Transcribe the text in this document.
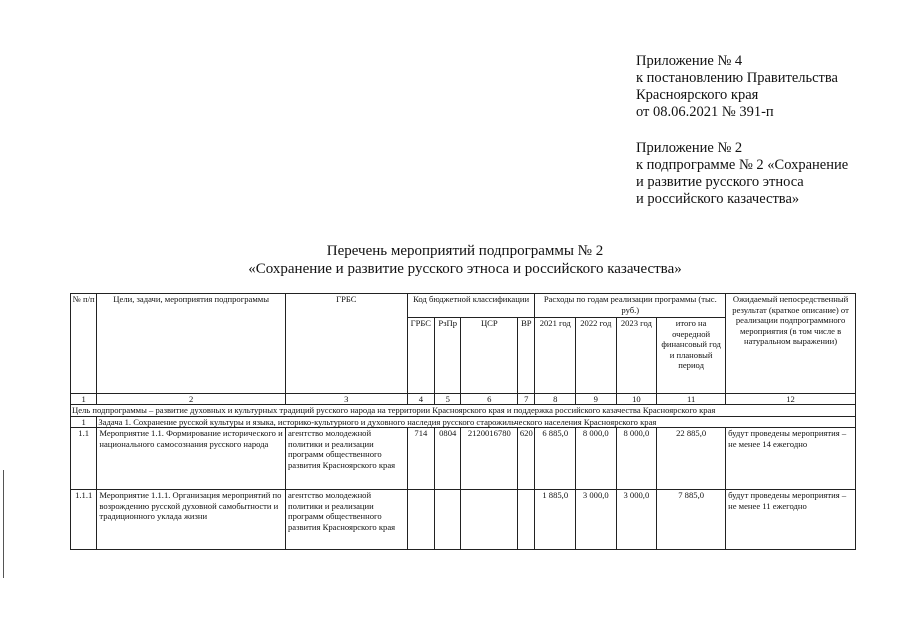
Приложение № 4
к постановлению Правительства
Красноярского края
от 08.06.2021 № 391-п
Приложение № 2
к подпрограмме № 2 «Сохранение
и развитие русского этноса
и российского казачества»
Перечень мероприятий подпрограммы № 2
«Сохранение и развитие русского этноса и российского казачества»
№ п/п	Цели, задачи, мероприятия подпрограммы	ГРБС	Код бюджетной классификации				Расходы по годам реализации программы (тыс. руб.)				Ожидаемый непосредственный результат (краткое описание) от реализации подпрограммного мероприятия (в том числе в натуральном выражении)
			ГРБС	РзПр	ЦСР	ВР	2021 год	2022 год	2023 год	итого на очередной финансовый год и плановый период	
1	2	3	4	5	6	7	8	9	10	11	12
Цель подпрограммы – развитие духовных и культурных традиций русского народа на территории Красноярского края и поддержка российского казачества Красноярского края											
1	Задача 1. Сохранение русской культуры и языка, историко-культурного и духовного наследия русского старожильческого населения Красноярского края										
1.1	Мероприятие 1.1. Формирование исторического и национального самосознания русского народа	агентство молодежной политики и реализации программ общественного развития Красноярского края	714	0804	2120016780	620	6 885,0	8 000,0	8 000,0	22 885,0	будут проведены мероприятия – не менее 14 ежегодно
1.1.1	Мероприятие 1.1.1. Организация мероприятий по возрождению русской духовной самобытности и традиционного уклада жизни	агентство молодежной политики и реализации программ общественного развития Красноярского края					1 885,0	3 000,0	3 000,0	7 885,0	будут проведены мероприятия – не менее 11 ежегодно
